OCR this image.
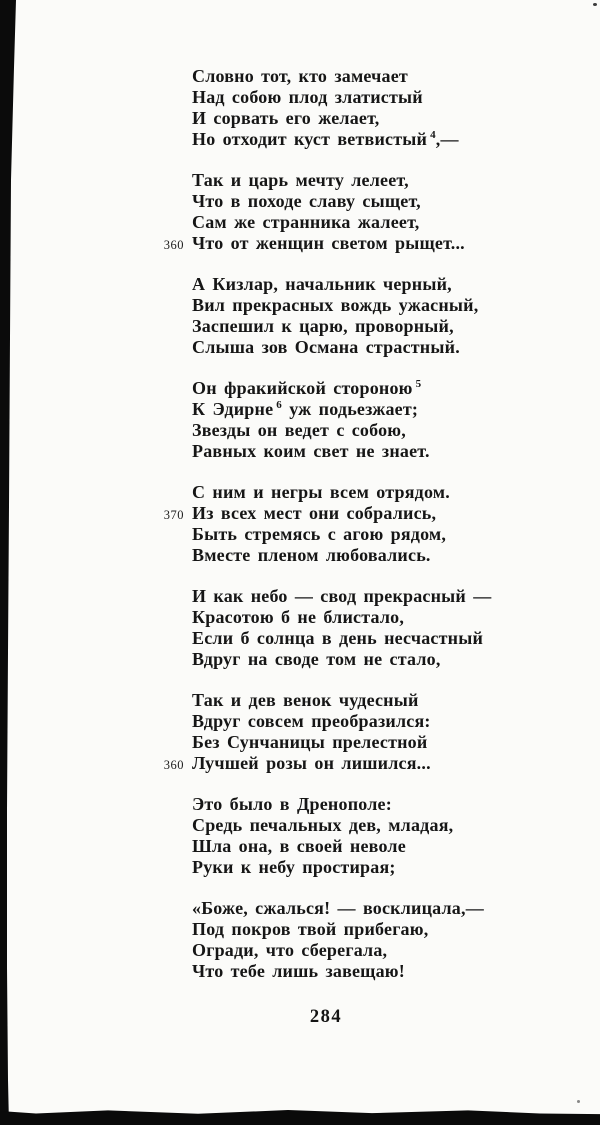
Словно тот, кто замечает
Над собою плод златистый
И сорвать его желает,
Но отходит куст ветвистый $^4$,—
Так и царь мечту лелеет,
Что в походе славу сыщет,
Сам же странника жалеет,
360 Что от женщин светом рыщет...
А Кизлар, начальник черный,
Вил прекрасных вождь ужасный,
Заспешил к царю, проворный,
Слыша зов Османа страстный.
Он фракийской стороною $^5$
К Эдирне $^6$ уж подьезжает;
Звезды он ведет с собою,
Равных коим свет не знает.
С ним и негры всем отрядом.
370 Из всех мест они собрались,
Быть стремясь с агою рядом,
Вместе пленом любовались.
И как небо — свод прекрасный —
Красотою б не блистало,
Если б солнца в день несчастный
Вдруг на своде том не стало,
Так и дев венок чудесный
Вдруг совсем преобразился:
Без Сунчаницы прелестной
360 Лучшей розы он лишился...
Это было в Дренополе:
Средь печальных дев, младая,
Шла она, в своей неволе
Руки к небу простирая;
«Боже, сжалься! — восклицала,—
Под покров твой прибегаю,
Огради, что сберегала,
Что тебе лишь завещаю!
284
